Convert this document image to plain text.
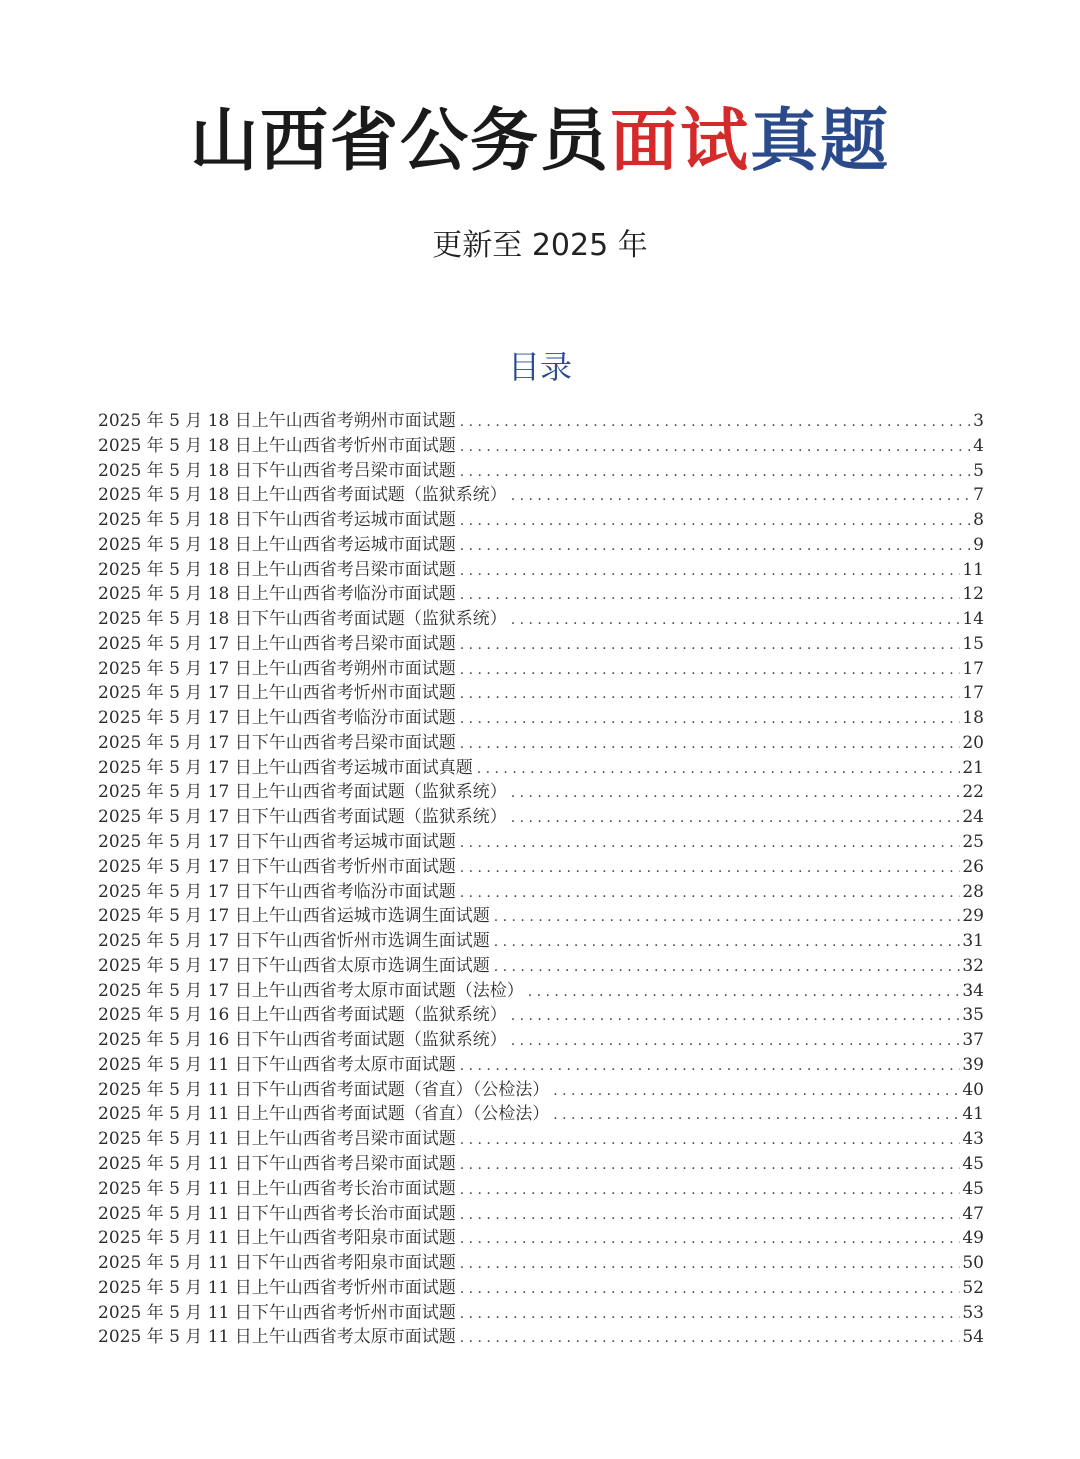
山西省公务员面试真题
更新至 2025 年
目录
2025 年 5 月 18 日上午山西省考朔州市面试题 . . .	3
2025 年 5 月 18 日上午山西省考忻州市面试题 . . .	4
2025 年 5 月 18 日下午山西省考吕梁市面试题 . . .	5
2025 年 5 月 18 日上午山西省考面试题（监狱系统） . . .	7
2025 年 5 月 18 日下午山西省考运城市面试题 . . .	8
2025 年 5 月 18 日上午山西省考运城市面试题 . . .	9
2025 年 5 月 18 日上午山西省考吕梁市面试题 . . .	11
2025 年 5 月 18 日上午山西省考临汾市面试题 . . .	12
2025 年 5 月 18 日下午山西省考面试题（监狱系统） . . .	14
2025 年 5 月 17 日上午山西省考吕梁市面试题 . . .	15
2025 年 5 月 17 日上午山西省考朔州市面试题 . . .	17
2025 年 5 月 17 日上午山西省考忻州市面试题 . . .	17
2025 年 5 月 17 日上午山西省考临汾市面试题 . . .	18
2025 年 5 月 17 日下午山西省考吕梁市面试题 . . .	20
2025 年 5 月 17 日上午山西省考运城市面试真题 . . .	21
2025 年 5 月 17 日上午山西省考面试题（监狱系统） . . .	22
2025 年 5 月 17 日下午山西省考面试题（监狱系统） . . .	24
2025 年 5 月 17 日下午山西省考运城市面试题 . . .	25
2025 年 5 月 17 日下午山西省考忻州市面试题 . . .	26
2025 年 5 月 17 日下午山西省考临汾市面试题 . . .	28
2025 年 5 月 17 日上午山西省运城市选调生面试题 . . .	29
2025 年 5 月 17 日下午山西省忻州市选调生面试题 . . .	31
2025 年 5 月 17 日下午山西省太原市选调生面试题 . . .	32
2025 年 5 月 17 日上午山西省考太原市面试题（法检） . . .	34
2025 年 5 月 16 日上午山西省考面试题（监狱系统） . . .	35
2025 年 5 月 16 日下午山西省考面试题（监狱系统） . . .	37
2025 年 5 月 11 日下午山西省考太原市面试题 . . .	39
2025 年 5 月 11 日下午山西省考面试题（省直）（公检法） . . .	40
2025 年 5 月 11 日上午山西省考面试题（省直）（公检法） . . .	41
2025 年 5 月 11 日上午山西省考吕梁市面试题 . . .	43
2025 年 5 月 11 日下午山西省考吕梁市面试题 . . .	45
2025 年 5 月 11 日上午山西省考长治市面试题 . . .	45
2025 年 5 月 11 日下午山西省考长治市面试题 . . .	47
2025 年 5 月 11 日上午山西省考阳泉市面试题 . . .	49
2025 年 5 月 11 日下午山西省考阳泉市面试题 . . .	50
2025 年 5 月 11 日上午山西省考忻州市面试题 . . .	52
2025 年 5 月 11 日下午山西省考忻州市面试题 . . .	53
2025 年 5 月 11 日上午山西省考太原市面试题 . . .	54
